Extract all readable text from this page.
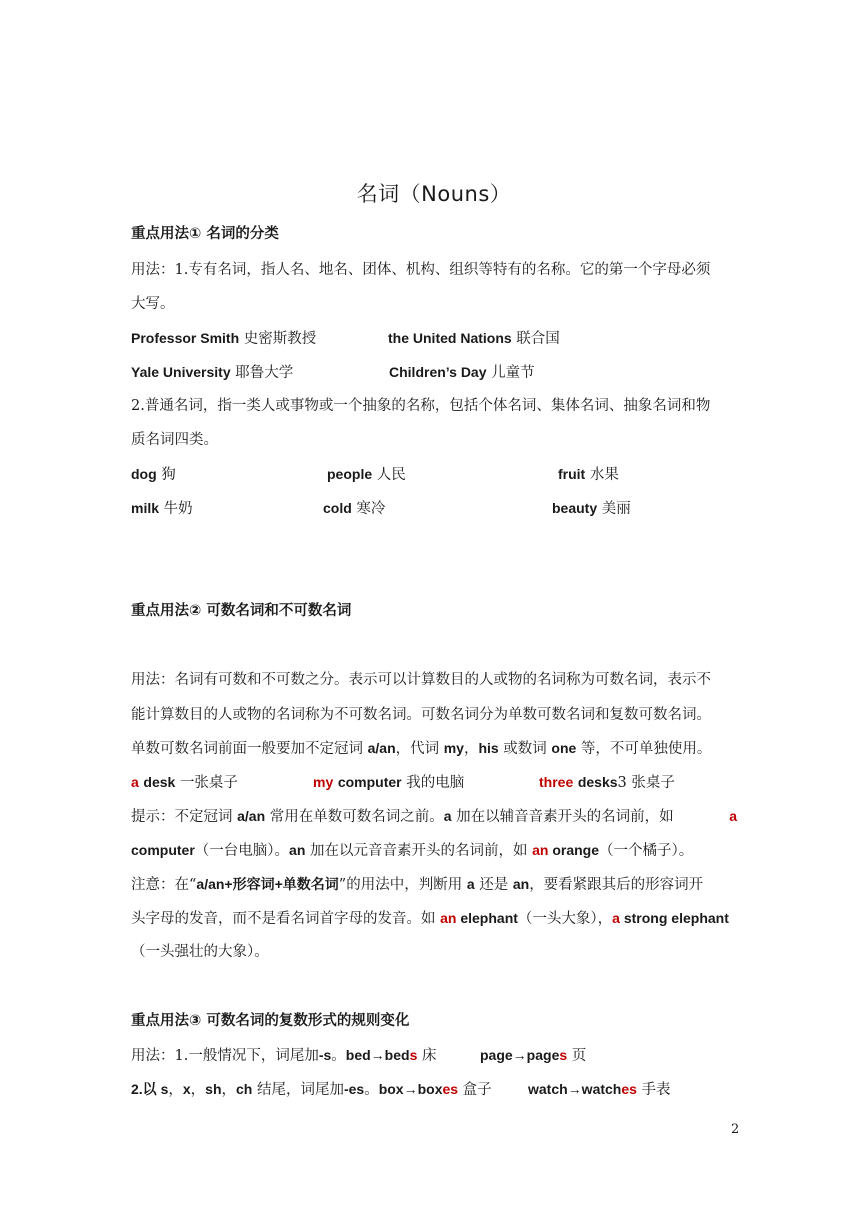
名词（Nouns）
重点用法① 名词的分类
用法：1.专有名词，指人名、地名、团体、机构、组织等特有的名称。它的第一个字母必须
大写。
Professor Smith 史密斯教授	the United Nations 联合国
Yale University 耶鲁大学	Children’s Day 儿童节
2.普通名词，指一类人或事物或一个抽象的名称，包括个体名词、集体名词、抽象名词和物
质名词四类。
dog 狗	people 人民	fruit 水果
milk 牛奶	cold 寒冷	beauty 美丽
重点用法② 可数名词和不可数名词
用法：名词有可数和不可数之分。表示可以计算数目的人或物的名词称为可数名词，表示不
能计算数目的人或物的名词称为不可数名词。可数名词分为单数可数名词和复数可数名词。
单数可数名词前面一般要加不定冠词 a/an，代词 my，his 或数词 one 等，不可单独使用。
a desk 一张桌子	my computer 我的电脑	three desks3 张桌子
提示：不定冠词 a/an 常用在单数可数名词之前。a 加在以辅音音素开头的名词前，如	a
computer（一台电脑）。an 加在以元音音素开头的名词前，如 an orange（一个橘子）。
注意：在“a/an+形容词+单数名词”的用法中，判断用 a 还是 an，要看紧跟其后的形容词开
头字母的发音，而不是看名词首字母的发音。如 an elephant（一头大象），a strong elephant
（一头强壮的大象）。
重点用法③ 可数名词的复数形式的规则变化
用法：1.一般情况下，词尾加-s。bed→beds 床	page→pages 页
2.以 s，x，sh，ch 结尾，词尾加-es。box→boxes 盒子	watch→watches 手表
2
